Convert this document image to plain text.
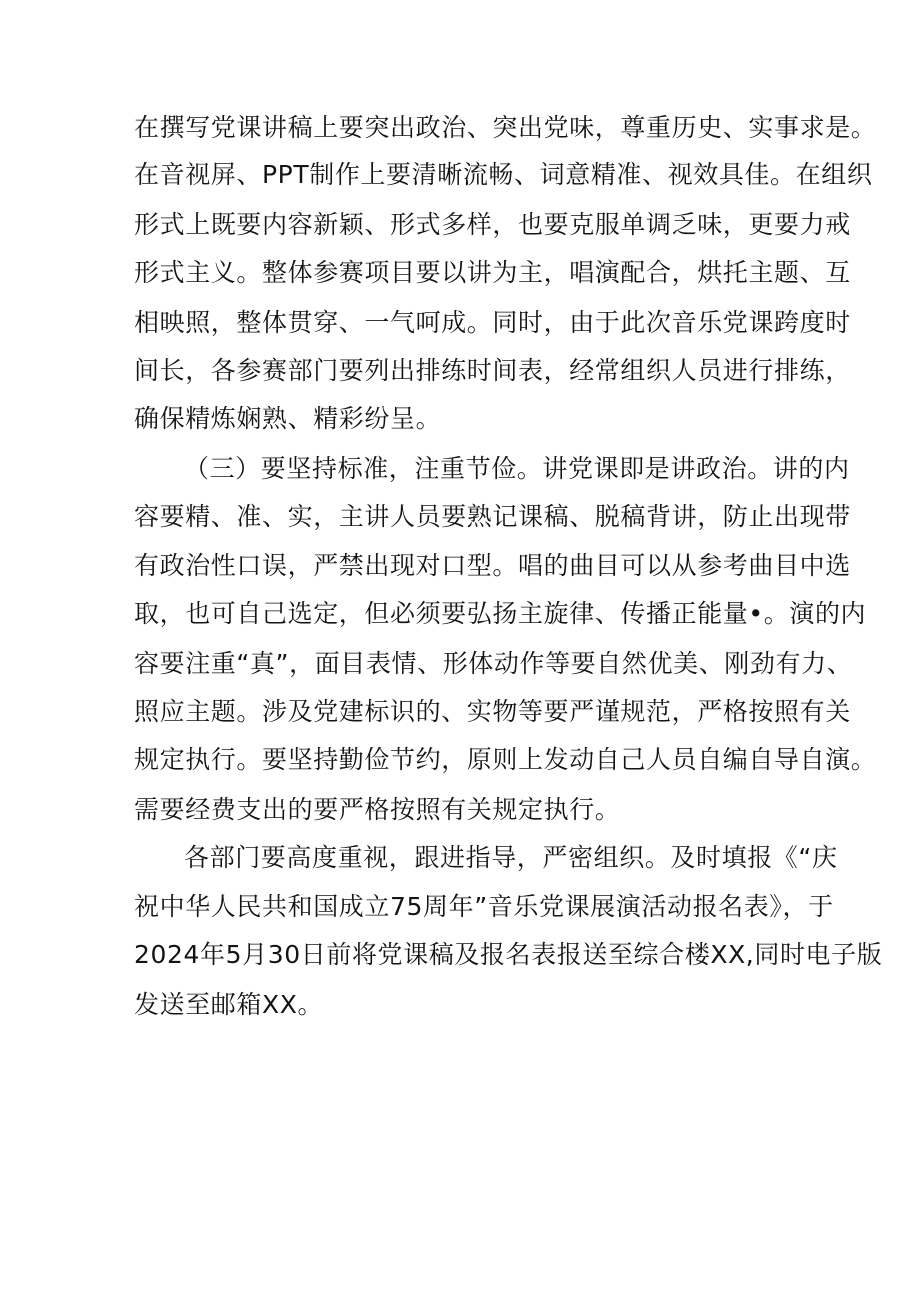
在撰写党课讲稿上要突出政治、突出党味，尊重历史、实事求是。
在音视屏、PPT制作上要清晰流畅、词意精准、视效具佳。在组织
形式上既要内容新颖、形式多样，也要克服单调乏味，更要力戒
形式主义。整体参赛项目要以讲为主，唱演配合，烘托主题、互
相映照，整体贯穿、一气呵成。同时，由于此次音乐党课跨度时
间长，各参赛部门要列出排练时间表，经常组织人员进行排练，
确保精炼娴熟、精彩纷呈。
（三）要坚持标准，注重节俭。讲党课即是讲政治。讲的内
容要精、准、实，主讲人员要熟记课稿、脱稿背讲，防止出现带
有政治性口误，严禁出现对口型。唱的曲目可以从参考曲目中选
取，也可自己选定，但必须要弘扬主旋律、传播正能量•。演的内
容要注重“真”，面目表情、形体动作等要自然优美、刚劲有力、
照应主题。涉及党建标识的、实物等要严谨规范，严格按照有关
规定执行。要坚持勤俭节约，原则上发动自己人员自编自导自演。
需要经费支出的要严格按照有关规定执行。
各部门要高度重视，跟进指导，严密组织。及时填报《“庆
祝中华人民共和国成立75周年”音乐党课展演活动报名表》，于
2024年5月30日前将党课稿及报名表报送至综合楼XX,同时电子版
发送至邮箱XX。
